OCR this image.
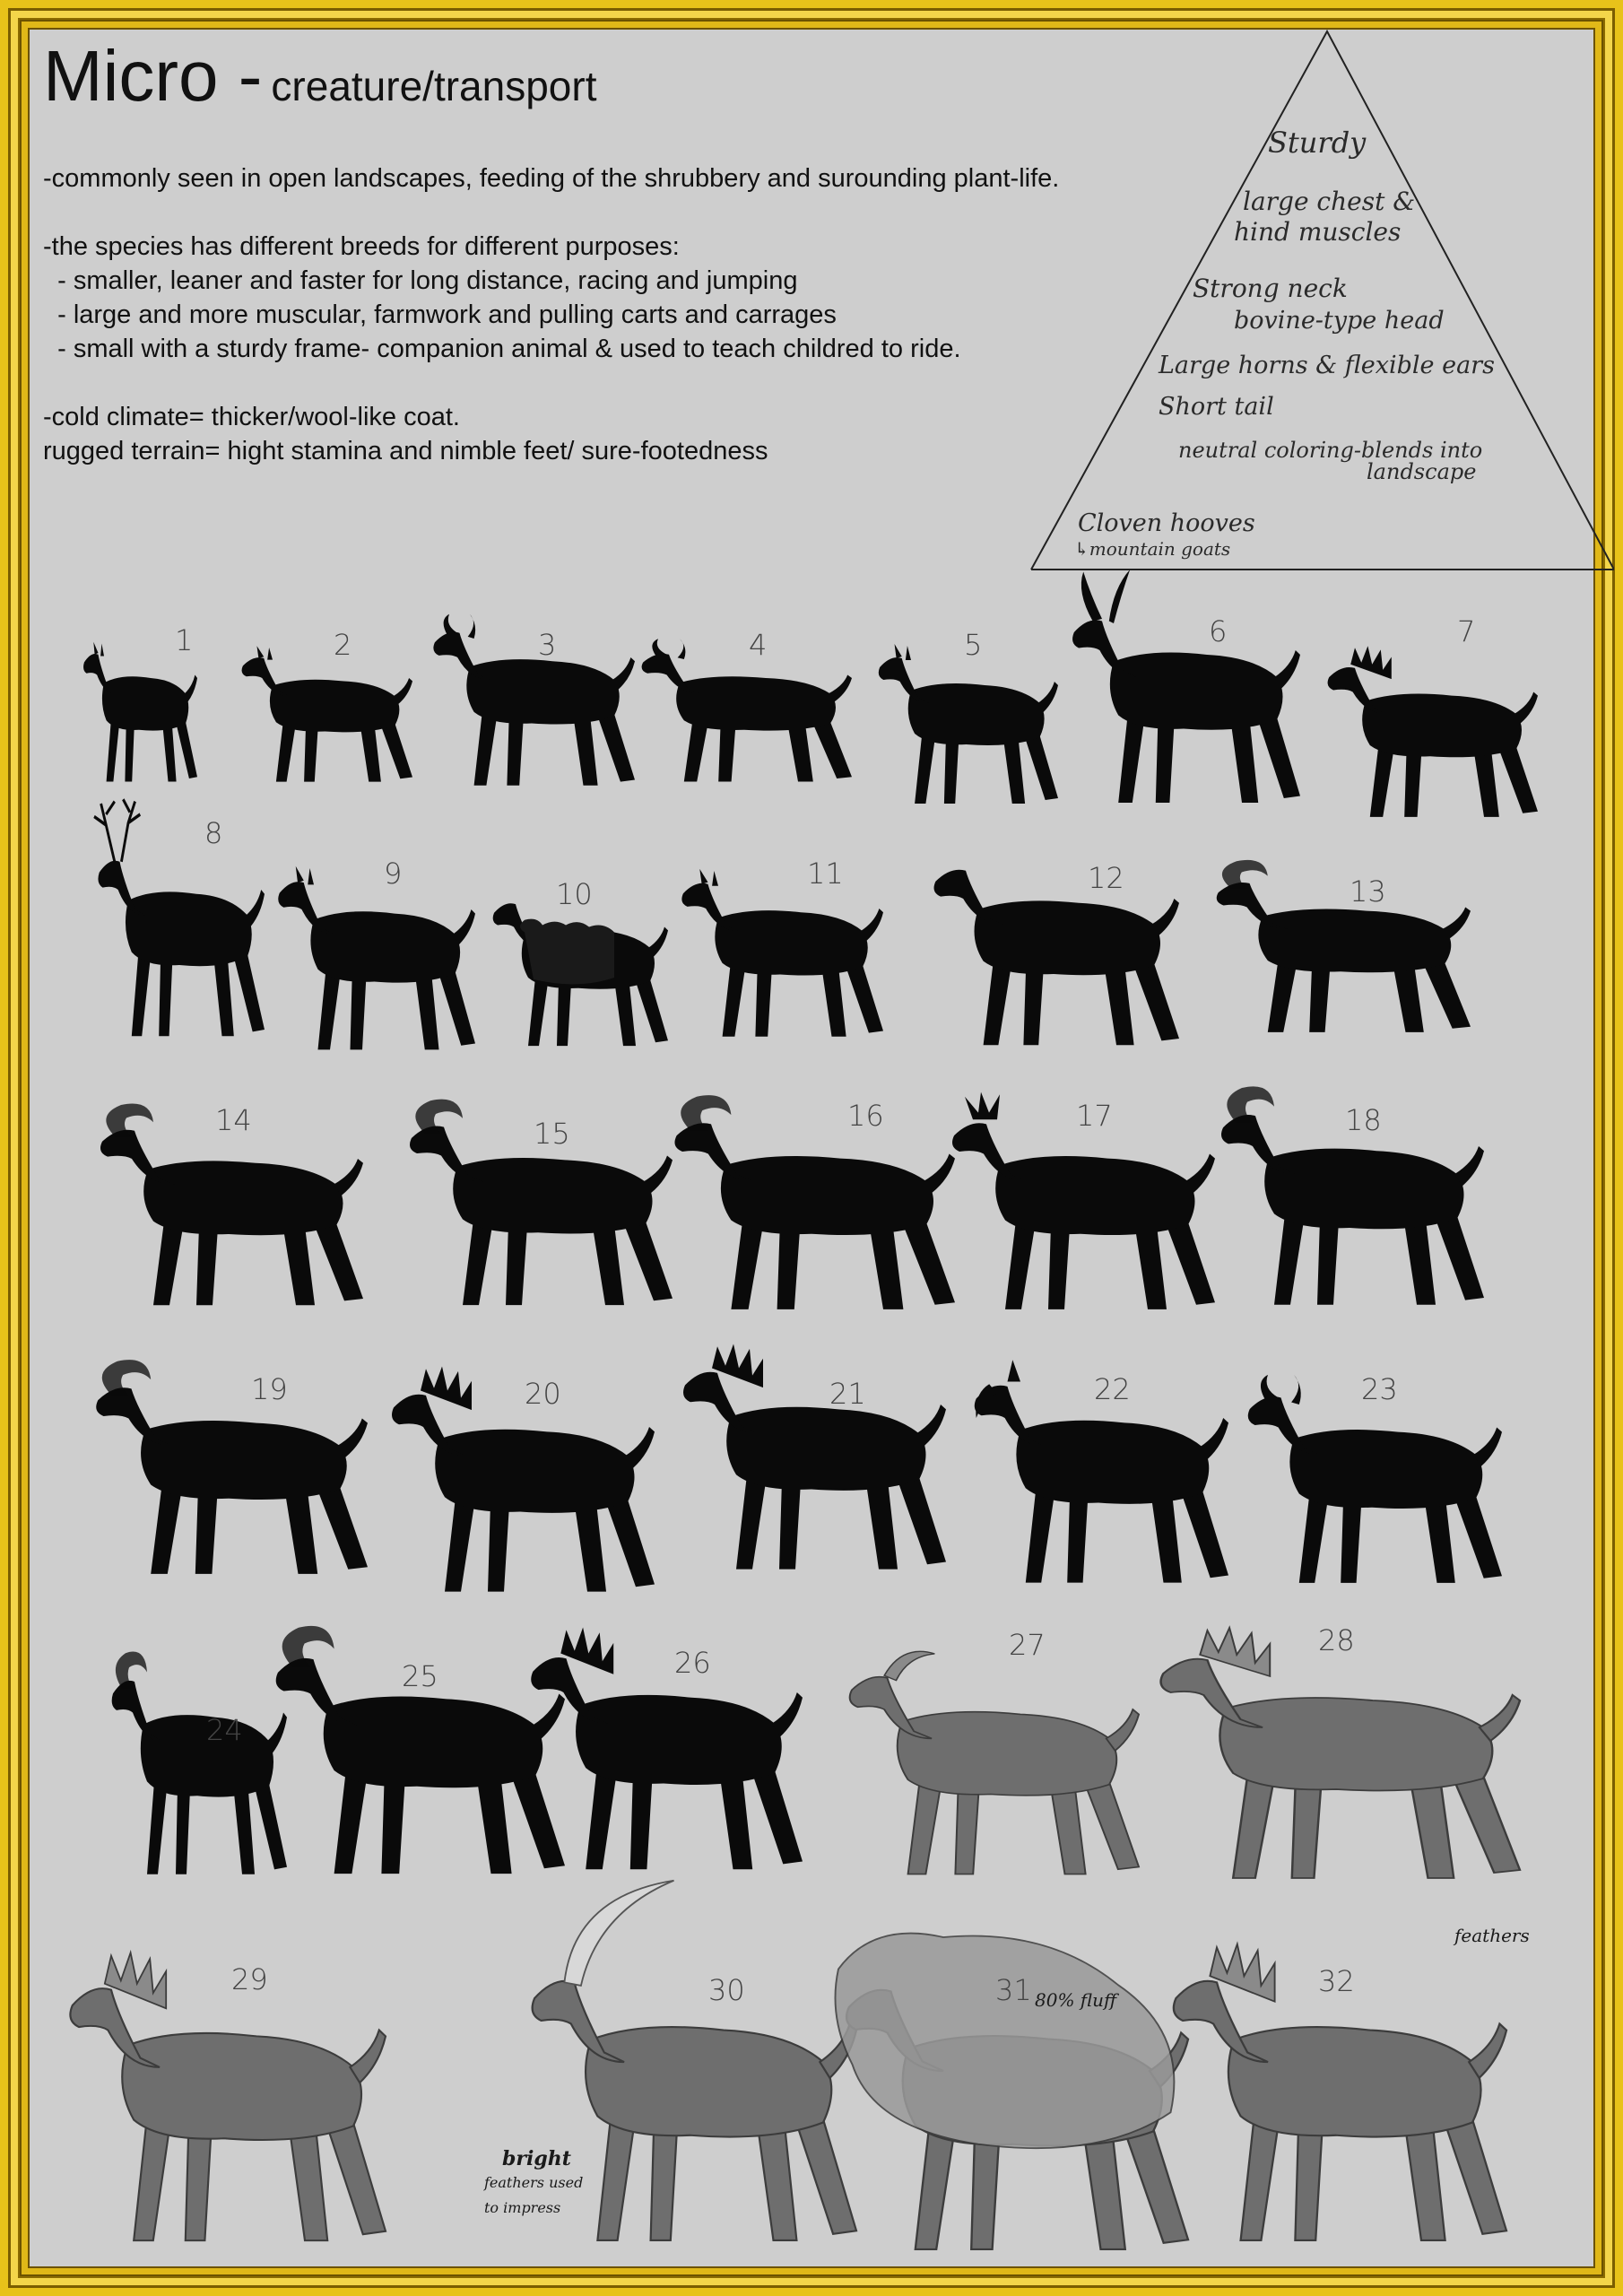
Micro - creature/transport

-commonly seen in open landscapes, feeding of the shrubbery and surounding plant-life.

-the species has different breeds for different purposes:

- smaller, leaner and faster for long distance, racing and jumping

- large and more muscular, farmwork and pulling carts and carrages

- small with a sturdy frame- companion animal & used to teach childred to ride.

-cold climate= thicker/wool-like coat.

rugged terrain= hight stamina and nimble feet/ sure-footedness

Sturdy
large chest &
hind muscles
Strong neck
bovine-type head
Large horns & flexible ears
Short tail
neutral coloring-blends into
landscape
Cloven hooves
↳mountain goats
1	2	3	4	5	6	7
8
9
10
11	12	13
14	15
16	17	18
19	20	21	22	23
24
25	26
27	28
29	30	31	32
80% fluff
feathers
bright
feathers used
to impress
